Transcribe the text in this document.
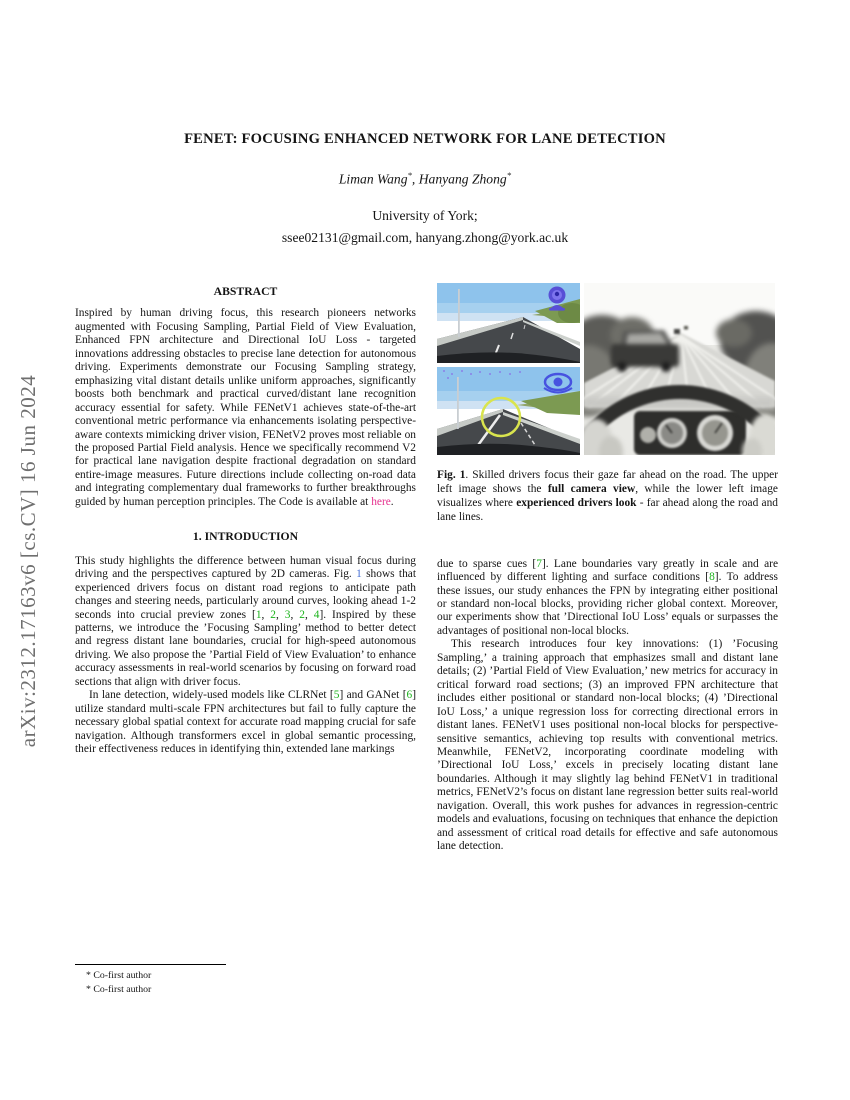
arXiv:2312.17163v6 [cs.CV] 16 Jun 2024
FENET: FOCUSING ENHANCED NETWORK FOR LANE DETECTION
Liman Wang*, Hanyang Zhong*
University of York;
ssee02131@gmail.com, hanyang.zhong@york.ac.uk
ABSTRACT

Inspired by human driving focus, this research pioneers networks augmented with Focusing Sampling, Partial Field of View Evaluation, Enhanced FPN architecture and Directional IoU Loss - targeted innovations addressing obstacles to precise lane detection for autonomous driving. Experiments demonstrate our Focusing Sampling strategy, emphasizing vital distant details unlike uniform approaches, significantly boosts both benchmark and practical curved/distant lane recognition accuracy essential for safety. While FENetV1 achieves state-of-the-art conventional metric performance via enhancements isolating perspective-aware contexts mimicking driver vision, FENetV2 proves most reliable on the proposed Partial Field analysis. Hence we specifically recommend V2 for practical lane navigation despite fractional degradation on standard entire-image measures. Future directions include collecting on-road data and integrating complementary dual frameworks to further breakthroughs guided by human perception principles. The Code is available at here.

1. INTRODUCTION

This study highlights the difference between human visual focus during driving and the perspectives captured by 2D cameras. Fig. 1 shows that experienced drivers focus on distant road regions to anticipate path changes and steering needs, particularly around curves, looking ahead 1-2 seconds into crucial preview zones [1, 2, 3, 2, 4]. Inspired by these patterns, we introduce the ’Focusing Sampling’ method to better detect and regress distant lane boundaries, crucial for high-speed autonomous driving. We also propose the ’Partial Field of View Evaluation’ to enhance accuracy assessments in real-world scenarios by focusing on forward road sections that align with driver focus.

In lane detection, widely-used models like CLRNet [5] and GANet [6] utilize standard multi-scale FPN architectures but fail to fully capture the necessary global spatial context for accurate road mapping crucial for safe navigation. Although transformers excel in global semantic processing, their effectiveness reduces in identifying thin, extended lane markings

* Co-first author
* Co-first author

Fig. 1. Skilled drivers focus their gaze far ahead on the road. The upper left image shows the full camera view, while the lower left image visualizes where experienced drivers look - far ahead along the road and lane lines.

due to sparse cues [7]. Lane boundaries vary greatly in scale and are influenced by different lighting and surface conditions [8]. To address these issues, our study enhances the FPN by integrating either positional or standard non-local blocks, providing richer global context. Moreover, our experiments show that ’Directional IoU Loss’ equals or surpasses the advantages of positional non-local blocks.

This research introduces four key innovations: (1) ’Focusing Sampling,’ a training approach that emphasizes small and distant lane details; (2) ’Partial Field of View Evaluation,’ new metrics for accuracy in critical forward road sections; (3) an improved FPN architecture that includes either positional or standard non-local blocks; (4) ’Directional IoU Loss,’ a unique regression loss for correcting directional errors in distant lanes. FENetV1 uses positional non-local blocks for perspective-sensitive semantics, achieving top results with conventional metrics. Meanwhile, FENetV2, incorporating coordinate modeling with ’Directional IoU Loss,’ excels in precisely locating distant lane boundaries. Although it may slightly lag behind FENetV1 in traditional metrics, FENetV2’s focus on distant lane regression better suits real-world navigation. Overall, this work pushes for advances in regression-centric models and evaluations, focusing on techniques that enhance the depiction and assessment of critical road details for effective and safe autonomous lane detection.
